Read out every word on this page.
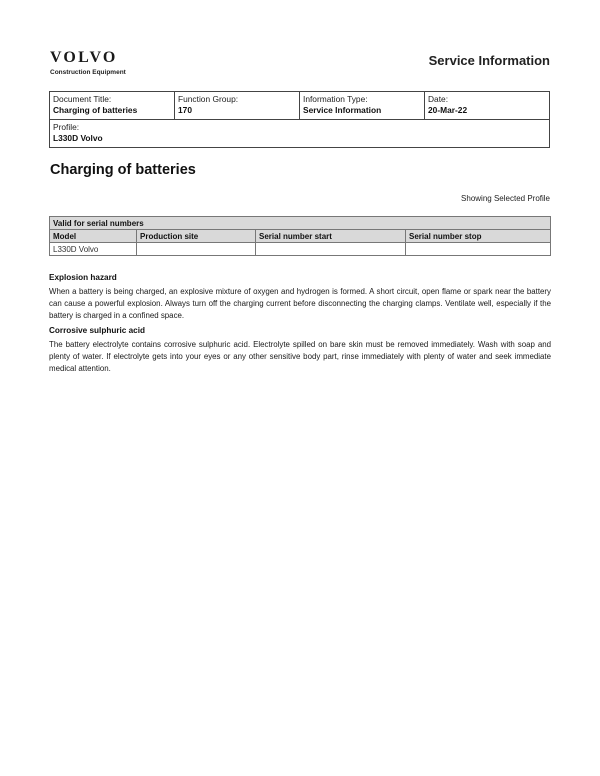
VOLVO
Construction Equipment
Service Information
Document Title:
Charging of batteries

Function Group:
170

Information Type:
Service Information

Date:
20-Mar-22

Profile:
L330D Volvo
Charging of batteries
Showing Selected Profile
Valid for serial numbers			
Model	Production site	Serial number start	Serial number stop
L330D Volvo			
Explosion hazard

When a battery is being charged, an explosive mixture of oxygen and hydrogen is formed. A short circuit, open flame or spark near the battery can cause a powerful explosion. Always turn off the charging current before disconnecting the charging clamps. Ventilate well, especially if the battery is charged in a confined space.

Corrosive sulphuric acid

The battery electrolyte contains corrosive sulphuric acid. Electrolyte spilled on bare skin must be removed immediately. Wash with soap and plenty of water. If electrolyte gets into your eyes or any other sensitive body part, rinse immediately with plenty of water and seek immediate medical attention.
